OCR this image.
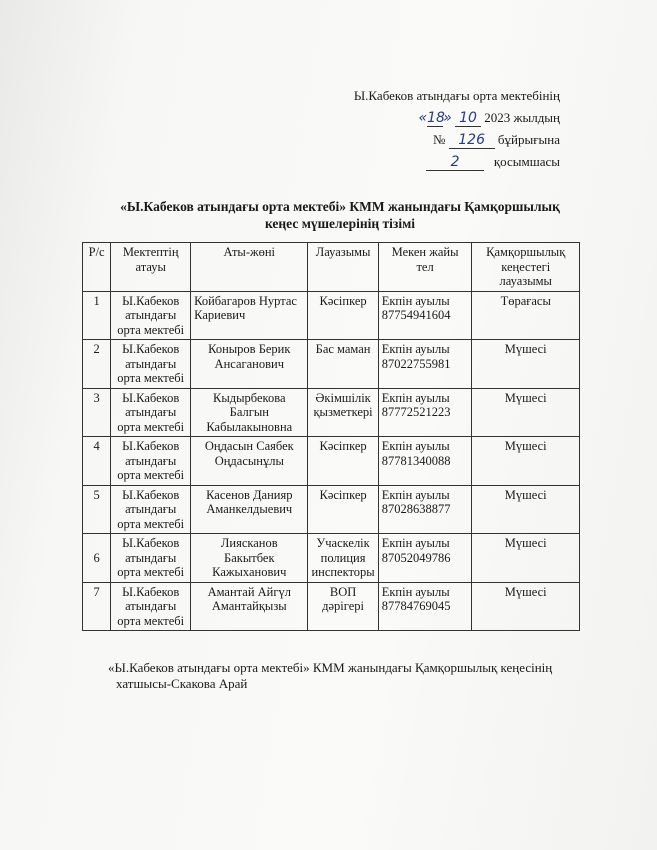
Ы.Кабеков атындағы орта мектебінің
«18» 10 2023 жылдың
№ 126 бұйрығына
2	қосымшасы
«Ы.Кабеков атындағы орта мектебі» КММ жанындағы Қамқоршылық
кеңес мүшелерінің тізімі
Р/с	Мектептің атауы	Аты-жөні	Лауазымы	Мекен жайы тел	Қамқоршылық кеңестегі лауазымы
1	Ы.Кабеков атындағы орта мектебі	Койбагаров Нуртас Кариевич	Кәсіпкер	Екпін ауылы 87754941604	Төрағасы
2	Ы.Кабеков атындағы орта мектебі	Коныров Берик Ансаганович	Бас маман	Екпін ауылы 87022755981	Мүшесі
3	Ы.Кабеков атындағы орта мектебі	Кыдырбекова Балгын Кабылакыновна	Әкімшілік қызметкері	Екпін ауылы 87772521223	Мүшесі
4	Ы.Кабеков атындағы орта мектебі	Оңдасын Саябек Оңдасынұлы	Кәсіпкер	Екпін ауылы 87781340088	Мүшесі
5	Ы.Кабеков атындағы орта мектебі	Касенов Данияр Аманкелдыевич	Кәсіпкер	Екпін ауылы 87028638877	Мүшесі
6	Ы.Кабеков атындағы орта мектебі	Лиясканов Бакытбек Кажыханович	Учаскелік полиция инспекторы	Екпін ауылы 87052049786	Мүшесі
7	Ы.Кабеков атындағы орта мектебі	Амантай Айгүл Амантайқызы	ВОП дәрігері	Екпін ауылы 87784769045	Мүшесі
«Ы.Кабеков атындағы орта мектебі» КММ жанындағы Қамқоршылық кеңесінің
хатшысы-Скакова Арай
